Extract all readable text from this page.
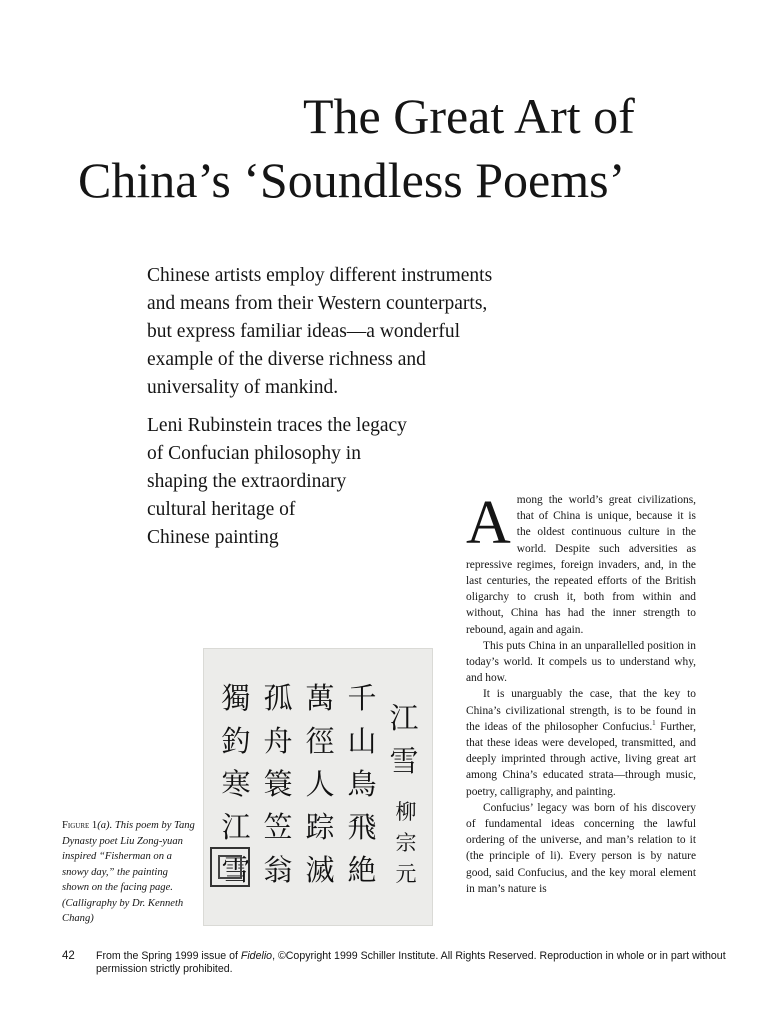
The Great Art of
China’s ‘Soundless Poems’

Chinese artists employ different instruments
and means from their Western counterparts,
but express familiar ideas—a wonderful
example of the diverse richness and
universality of mankind.

Leni Rubinstein traces the legacy
of Confucian philosophy in
shaping the extraordinary
cultural heritage of
Chinese painting	Among the world’s great civilizations, that of China is unique, because it is the oldest continuous culture in the world. Despite such adversities as repressive regimes, foreign invaders, and, in the last centuries, the repeated efforts of the British oligarchy to crush it, both from within and without, China has had the inner strength to rebound, again and again.

This puts China in an unparallelled position in today’s world. It compels us to understand why, and how.

It is unarguably the case, that the key to China’s civilizational strength, is to be found in the ideas of the philosopher Confucius.$^1$ Further, that these ideas were developed, transmitted, and deeply imprinted through active, living great art among China’s educated strata—through music, poetry, calligraphy, and painting.

Confucius’ legacy was born of his discovery of fundamental ideas concerning the lawful ordering of the universe, and man’s relation to it (the principle of li). Every person is by nature good, said Confucius, and the key moral element in man’s nature is

獨
釣
寒
江
雪
孤
舟
簑
笠
翁
萬
徑
人
踪
滅
千
山
鳥
飛
絶
江
雪
柳
宗
元
Figure 1(a). This poem by Tang Dynasty poet Liu Zong-yuan inspired “Fisherman on a snowy day,” the painting shown on the facing page. (Calligraphy by Dr. Kenneth Chang)
42 From the Spring 1999 issue of Fidelio, ©Copyright 1999 Schiller Institute. All Rights Reserved. Reproduction in whole or in part without permission strictly prohibited.
